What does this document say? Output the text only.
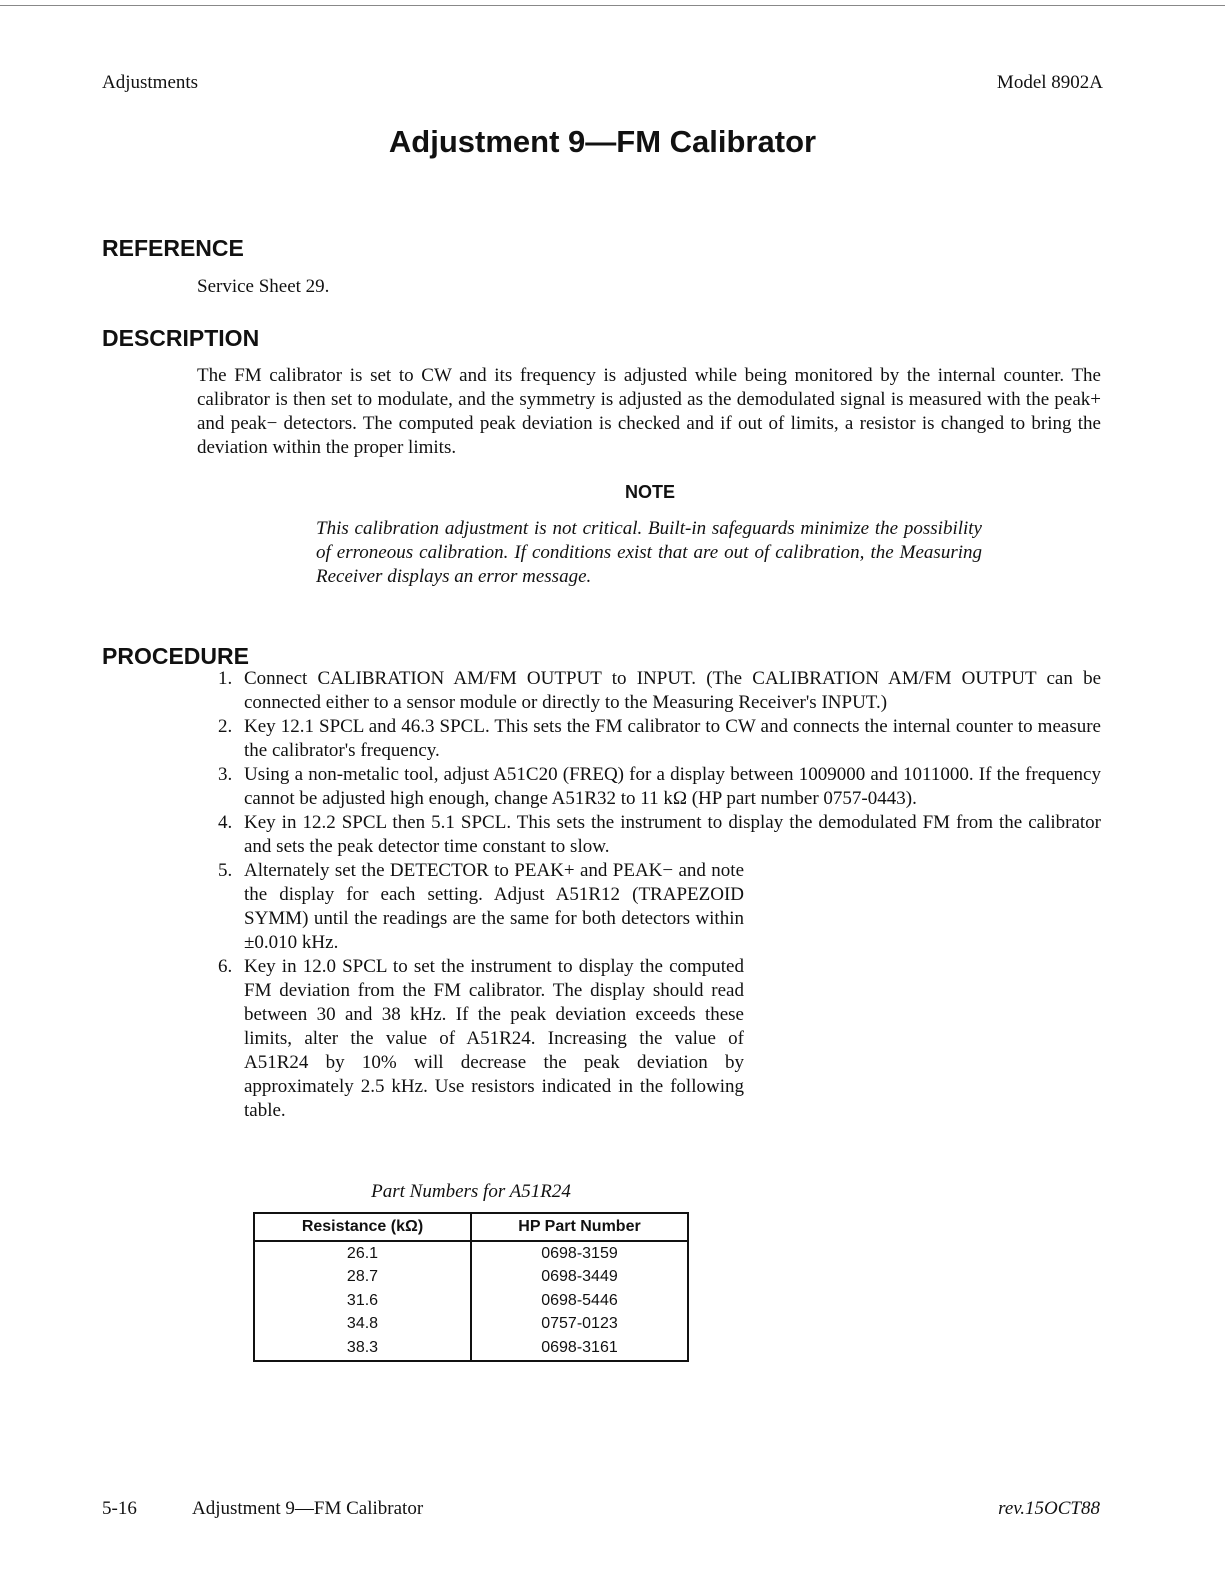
Adjustments	Model 8902A
Adjustment 9—FM Calibrator
REFERENCE
Service Sheet 29.
DESCRIPTION
The FM calibrator is set to CW and its frequency is adjusted while being monitored by the internal counter. The calibrator is then set to modulate, and the symmetry is adjusted as the demodulated signal is measured with the peak+ and peak− detectors. The computed peak deviation is checked and if out of limits, a resistor is changed to bring the deviation within the proper limits.
NOTE
This calibration adjustment is not critical. Built-in safeguards minimize the possibility of erroneous calibration. If conditions exist that are out of calibration, the Measuring Receiver displays an error message.
PROCEDURE
1. Connect CALIBRATION AM/FM OUTPUT to INPUT. (The CALIBRATION AM/FM OUTPUT can be connected either to a sensor module or directly to the Measuring Receiver's INPUT.)
2. Key 12.1 SPCL and 46.3 SPCL. This sets the FM calibrator to CW and connects the internal counter to measure the calibrator's frequency.
3. Using a non-metalic tool, adjust A51C20 (FREQ) for a display between 1009000 and 1011000. If the frequency cannot be adjusted high enough, change A51R32 to 11 kΩ (HP part number 0757-0443).
4. Key in 12.2 SPCL then 5.1 SPCL. This sets the instrument to display the demodulated FM from the calibrator and sets the peak detector time constant to slow.
5. Alternately set the DETECTOR to PEAK+ and PEAK− and note the display for each setting. Adjust A51R12 (TRAPEZOID SYMM) until the readings are the same for both detectors within ±0.010 kHz.
6. Key in 12.0 SPCL to set the instrument to display the computed FM deviation from the FM calibrator. The display should read between 30 and 38 kHz. If the peak deviation exceeds these limits, alter the value of A51R24. Increasing the value of A51R24 by 10% will decrease the peak deviation by approximately 2.5 kHz. Use resistors indicated in the following table.
Part Numbers for A51R24
Resistance (kΩ)	HP Part Number
26.1	0698-3159
28.7	0698-3449
31.6	0698-5446
34.8	0757-0123
38.3	0698-3161
5-16	Adjustment 9—FM Calibrator	rev.15OCT88
